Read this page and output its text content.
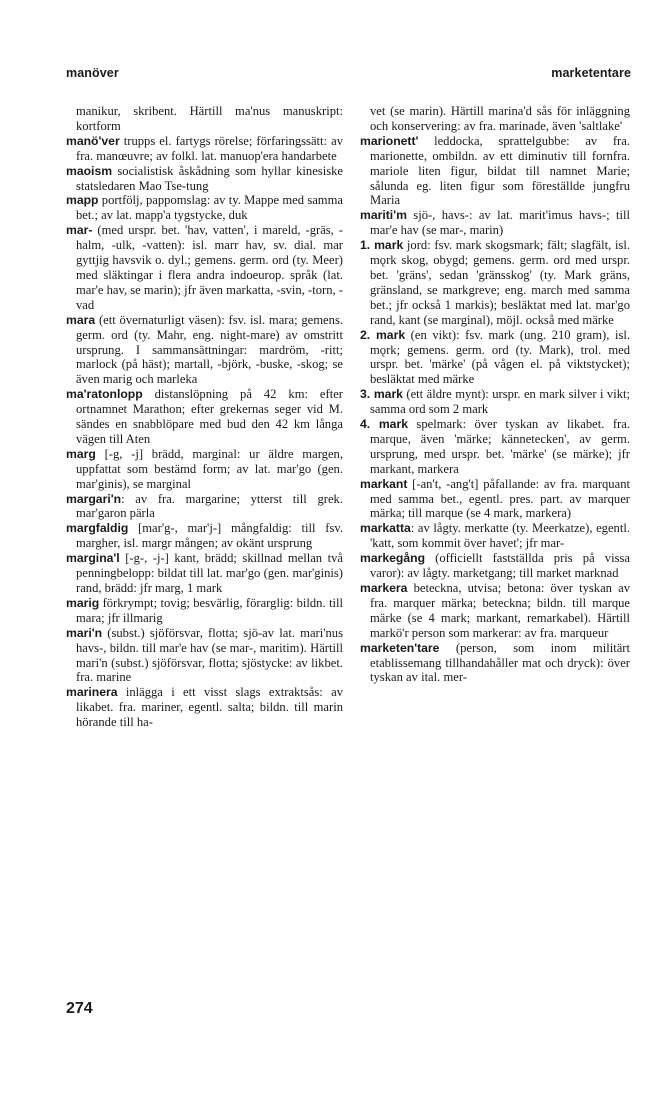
manöver	marketentare

manikur, skribent. Härtill ma'nus manuskript: kortform

manö'ver trupps el. fartygs rörelse; förfaringssätt: av fra. manœuvre; av folkl. lat. manuop'era handarbete

maoism socialistisk åskådning som hyllar kinesiske statsledaren Mao Tse-tung

mapp portfölj, pappomslag: av ty. Mappe med samma bet.; av lat. mapp'a tygstycke, duk

mar- (med urspr. bet. 'hav, vatten', i mareld, -gräs, -halm, -ulk, -vatten): isl. marr hav, sv. dial. mar gyttjig havsvik o. dyl.; gemens. germ. ord (ty. Meer) med släktingar i flera andra indoeurop. språk (lat. mar'e hav, se marin); jfr även markatta, -svin, -torn, -vad

mara (ett övernaturligt väsen): fsv. isl. mara; gemens. germ. ord (ty. Mahr, eng. night-mare) av omstritt ursprung. I sammansättningar: mardröm, -ritt; marlock (på häst); martall, -björk, -buske, -skog; se även marig och marleka

ma'ratonlopp distanslöpning på 42 km: efter ortnamnet Marathon; efter grekernas seger vid M. sändes en snabblöpare med bud den 42 km långa vägen till Aten

marg [-g, -j] brädd, marginal: ur äldre margen, uppfattat som bestämd form; av lat. mar'go (gen. mar'ginis), se marginal

margari'n: av fra. margarine; ytterst till grek. mar'garon pärla

margfaldig [mar'g-, mar'j-] mångfaldig: till fsv. margher, isl. margr mången; av okänt ursprung

margina'l [-g-, -j-] kant, brädd; skillnad mellan två penningbelopp: bildat till lat. mar'go (gen. mar'ginis) rand, brädd: jfr marg, 1 mark

marig förkrympt; tovig; besvärlig, förarglig: bildn. till mara; jfr illmarig

mari'n (subst.) sjöförsvar, flotta; sjö-av lat. mari'nus havs-, bildn. till mar'e hav (se mar-, maritim). Härtill mari'n (subst.) sjöförsvar, flotta; sjöstycke: av likbet. fra. marine

marinera inlägga i ett visst slags extraktsås: av likabet. fra. mariner, egentl. salta; bildn. till marin hörande till ha-

vet (se marin). Härtill marina'd sås för inläggning och konservering: av fra. marinade, även 'saltlake'

marionett' leddocka, sprattelgubbe: av fra. marionette, ombildn. av ett diminutiv till fornfra. mariole liten figur, bildat till namnet Marie; sålunda eg. liten figur som föreställde jungfru Maria

mariti'm sjö-, havs-: av lat. marit'imus havs-; till mar'e hav (se mar-, marin)

1. mark jord: fsv. mark skogsmark; fält; slagfält, isl. mǫrk skog, obygd; gemens. germ. ord med urspr. bet. 'gräns', sedan 'gränsskog' (ty. Mark gräns, gränsland, se markgreve; eng. march med samma bet.; jfr också 1 markis); besläktat med lat. mar'go rand, kant (se marginal), möjl. också med märke

2. mark (en vikt): fsv. mark (ung. 210 gram), isl. mǫrk; gemens. germ. ord (ty. Mark), trol. med urspr. bet. 'märke' (på vågen el. på viktstycket); besläktat med märke

3. mark (ett äldre mynt): urspr. en mark silver i vikt; samma ord som 2 mark

4. mark spelmark: över tyskan av likabet. fra. marque, även 'märke; kännetecken', av germ. ursprung, med urspr. bet. 'märke' (se märke); jfr markant, markera

markant [-an't, -ang't] påfallande: av fra. marquant med samma bet., egentl. pres. part. av marquer märka; till marque (se 4 mark, markera)

markatta: av lågty. merkatte (ty. Meerkatze), egentl. 'katt, som kommit över havet'; jfr mar-

markegång (officiellt fastställda pris på vissa varor): av lågty. marketgang; till market marknad

markera beteckna, utvisa; betona: över tyskan av fra. marquer märka; beteckna; bildn. till marque märke (se 4 mark; markant, remarkabel). Härtill markö'r person som markerar: av fra. marqueur

marketen'tare (person, som inom militärt etablissemang tillhandahåller mat och dryck): över tyskan av ital. mer-

274
